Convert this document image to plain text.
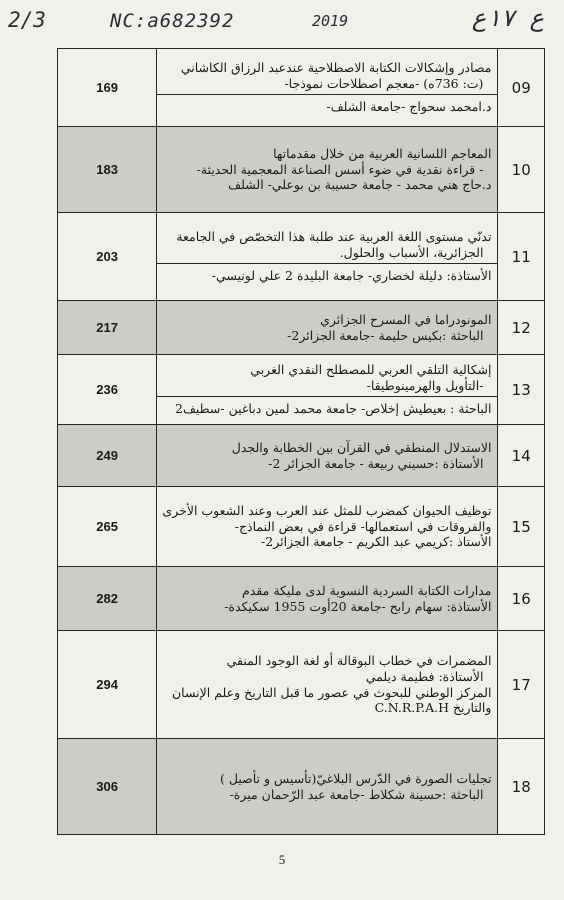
2/3	NC:a682392	2019	ع ١٧ع
09	مصادر وإشكالات الكتابة الاصطلاحية عندعبد الرزاق الكاشاني

(ت: 736ه) -معجم اصطلاحات نموذجا-

د.امحمد سحواج -جامعة الشلف-	169
10	المعاجم اللسانية العربية من خلال مقدماتها

- قراءة نقدية في ضوء أسس الصناعة المعجمية الحديثة-

د.حاج هني محمد - جامعة حسيبة بن بوعلي- الشلف	183
11	تدنّي مستوى اللغة العربية عند طلبة هذا التخصّص في الجامعة

الجزائرية، الأسباب والحلول.

الأستاذة: دليلة لخضاري- جامعة البليدة 2 علي لونيسي-	203
12	المونودراما في المسرح الجزائري

الباحثة :بكيس حليمة -جامعة الجزائر2-	217
13	إشكالية التلقي العربي للمصطلح النقدي الغربي

-التأويل والهرمينوطيقا-

الباحثة : بعيطيش إخلاص- جامعة محمد لمين دباغين -سطيف2	236
14	الاستدلال المنطقي في القرآن بين الخطابة والجدل

الأستاذة :حسيني ربيعة - جامعة الجزائر 2-	249
15	توظيف الحيوان كمضرب للمثل عند العرب وعند الشعوب الأخرى

والفروقات في استعمالها- قراءة في بعض النماذج-

الأستاذ :كريمي عبد الكريم - جامعة الجزائر2-	265
16	مدارات الكتابة السردية النسوية لدى مليكة مقدم

الأستاذة: سهام رابح -جامعة 20أوت 1955 سكيكدة-	282
17	المضمرات في خطاب البوقالة أو لغة الوجود المنفي

الأستاذة: فطيمة ديلمي

المركز الوطني للبحوث في عصور ما قبل التاريخ وعلم الإنسان

والتاريخ C.N.R.P.A.H	294
18	تجليات الصورة في الدّرس البلاغيّ(تأسيس و تأصيل )

الباحثة :حسينة شكلاط -جامعة عبد الرّحمان ميرة-	306
5
